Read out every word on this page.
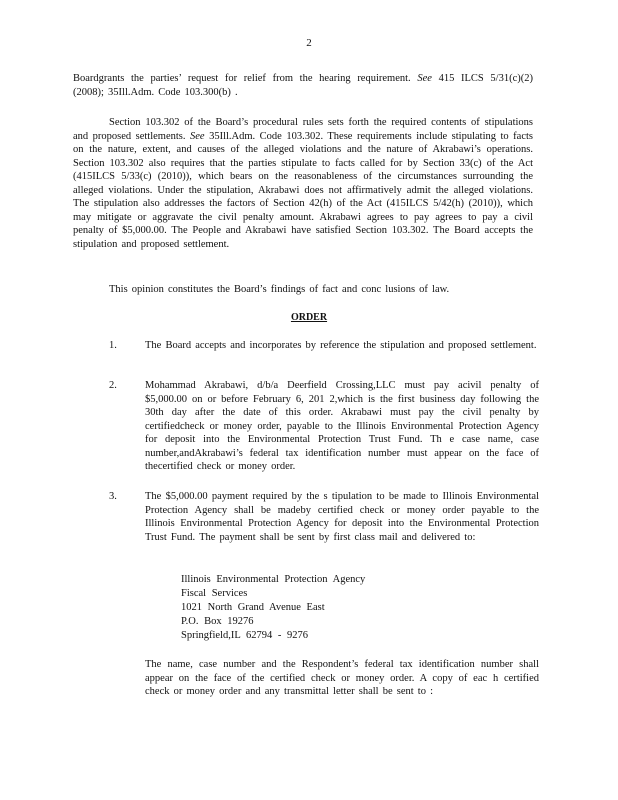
2
Boardgrants the parties’ request for relief from the hearing requirement. See 415 ILCS 5/31(c)(2) (2008); 35Ill.Adm. Code 103.300(b) .
Section 103.302 of the Board’s procedural rules sets forth the required contents of stipulations and proposed settlements. See 35Ill.Adm. Code 103.302. These requirements include stipulating to facts on the nature, extent, and causes of the alleged violations and the nature of Akrabawi’s operations. Section 103.302 also requires that the parties stipulate to facts called for by Section 33(c) of the Act (415ILCS 5/33(c) (2010)), which bears on the reasonableness of the circumstances surrounding the alleged violations. Under the stipulation, Akrabawi does not affirmatively admit the alleged violations. The stipulation also addresses the factors of Section 42(h) of the Act (415ILCS 5/42(h) (2010)), which may mitigate or aggravate the civil penalty amount. Akrabawi agrees to pay agrees to pay a civil penalty of $5,000.00. The People and Akrabawi have satisfied Section 103.302. The Board accepts the stipulation and proposed settlement.
This opinion constitutes the Board’s findings of fact and conc lusions of law.
ORDER
1.	The Board accepts and incorporates by reference the stipulation and proposed settlement.
2.	Mohammad Akrabawi, d/b/a Deerfield Crossing,LLC must pay acivil penalty of $5,000.00 on or before February 6, 201 2,which is the first business day following the 30th day after the date of this order. Akrabawi must pay the civil penalty by certifiedcheck or money order, payable to the Illinois Environmental Protection Agency for deposit into the Environmental Protection Trust Fund. Th e case name, case number,andAkrabawi’s federal tax identification number must appear on the face of thecertified check or money order.
3.	The $5,000.00 payment required by the s tipulation to be made to Illinois Environmental Protection Agency shall be madeby certified check or money order payable to the Illinois Environmental Protection Agency for deposit into the Environmental Protection Trust Fund. The payment shall be sent by first class mail and delivered to:
Illinois Environmental Protection Agency
Fiscal Services
1021 North Grand Avenue East
P.O. Box 19276
Springfield,IL 62794 - 9276
The name, case number and the Respondent’s federal tax identification number shall appear on the face of the certified check or money order. A copy of eac h certified check or money order and any transmittal letter shall be sent to :
